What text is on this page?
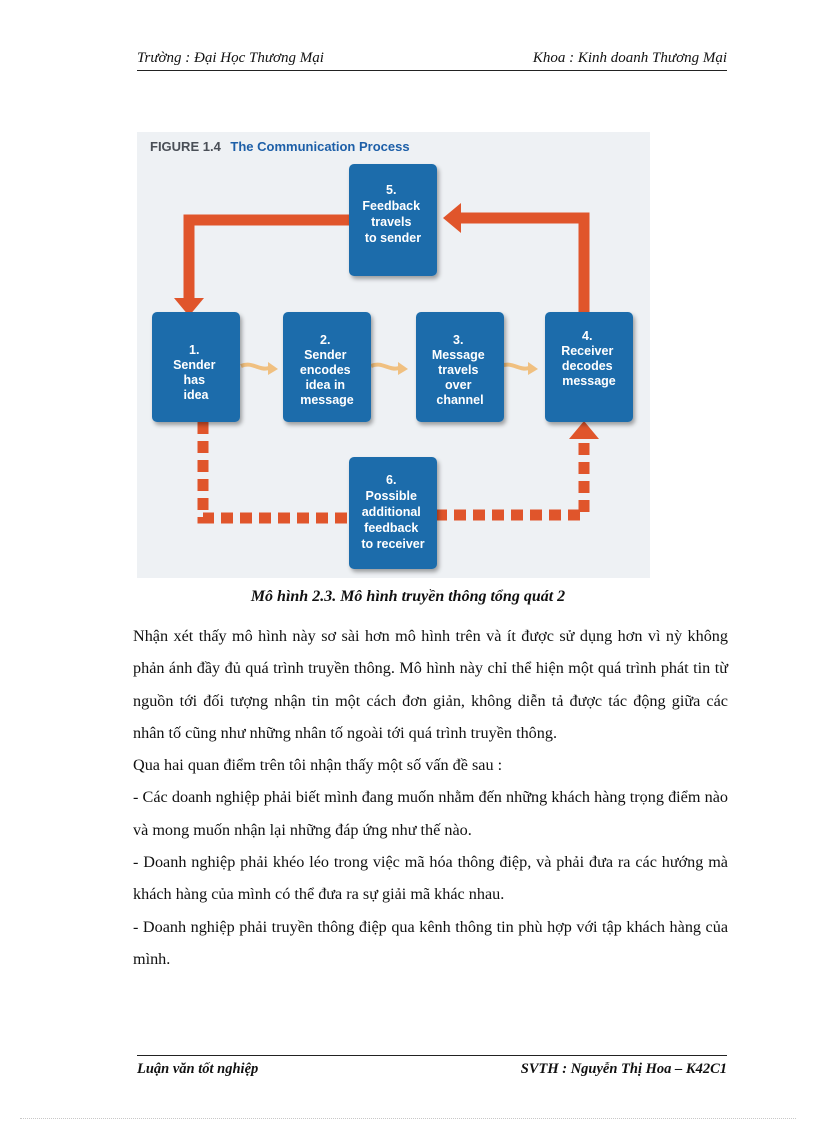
Trường : Đại Học Thương Mại	Khoa : Kinh doanh Thương Mại
FIGURE 1.4 The Communication Process
1. Sender has idea
2. Sender encodes idea in message
3. Message travels over channel
4. Receiver decodes message
5. Feedback travels to sender
6. Possible additional feedback to receiver
Mô hình 2.3. Mô hình truyền thông tổng quát 2

Nhận xét thấy mô hình này sơ sài hơn mô hình trên và ít được sử dụng hơn vì nỳ không phản ánh đầy đủ quá trình truyền thông. Mô hình này chỉ thể hiện một quá trình phát tin từ nguồn tới đối tượng nhận tin một cách đơn giản, không diễn tả được tác động giữa các nhân tố cũng như những nhân tố ngoài tới quá trình truyền thông.

Qua hai quan điểm trên tôi nhận thấy một số vấn đề sau :

- Các doanh nghiệp phải biết mình đang muốn nhằm đến những khách hàng trọng điểm nào và mong muốn nhận lại những đáp ứng như thế nào.

- Doanh nghiệp phải khéo léo trong việc mã hóa thông điệp, và phải đưa ra các hướng mà khách hàng của mình có thể đưa ra sự giải mã khác nhau.

- Doanh nghiệp phải truyền thông điệp qua kênh thông tin phù hợp với tập khách hàng của mình.

Luận văn tốt nghiệp	SVTH : Nguyễn Thị Hoa – K42C1
